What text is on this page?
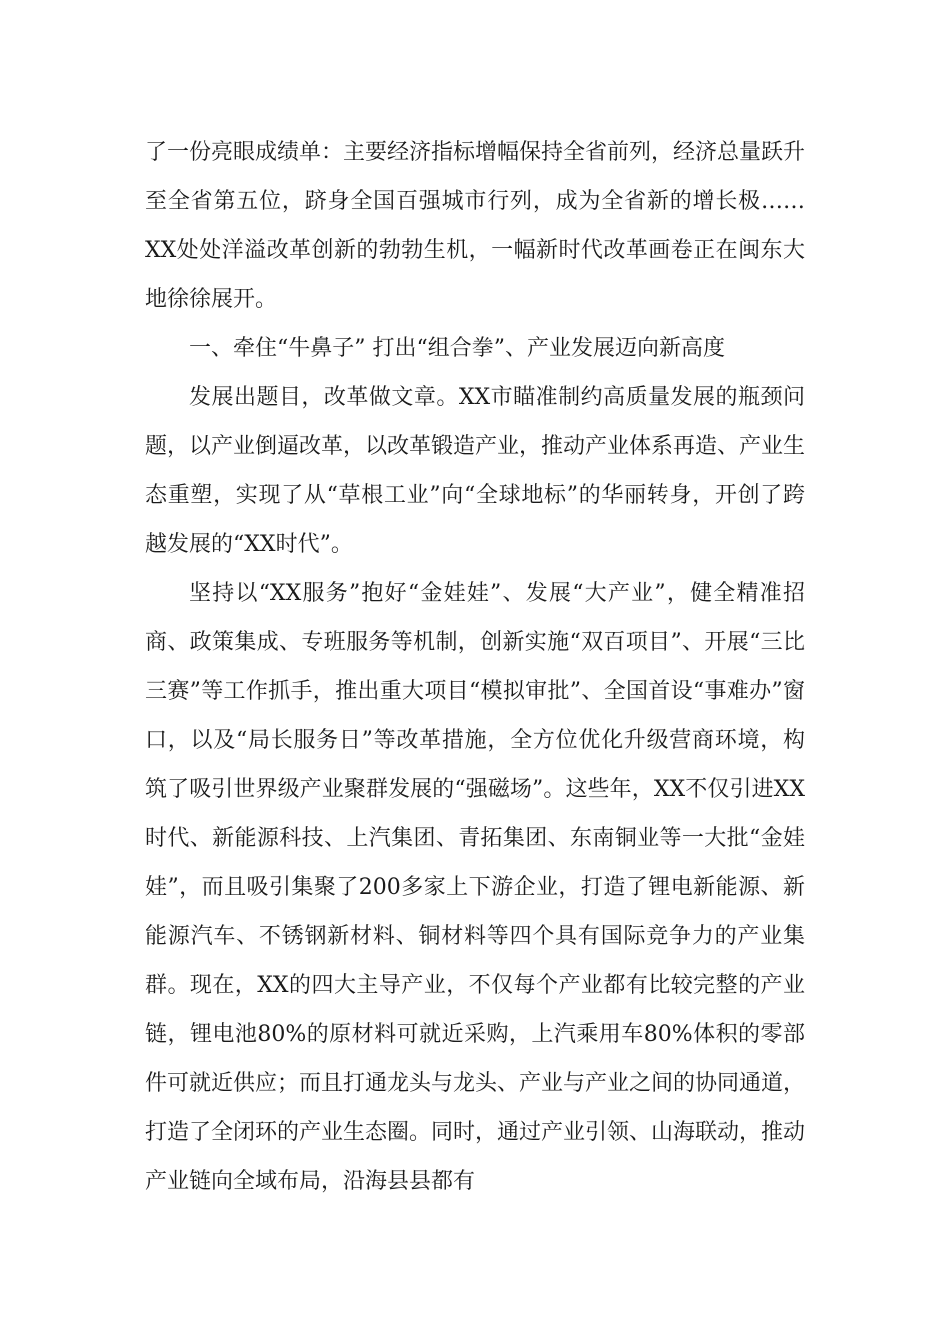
了一份亮眼成绩单：主要经济指标增幅保持全省前列，经济总量跃升至全省第五位，跻身全国百强城市行列，成为全省新的增长极……XX处处洋溢改革创新的勃勃生机，一幅新时代改革画卷正在闽东大地徐徐展开。

一、牵住“牛鼻子” 打出“组合拳”、产业发展迈向新高度

发展出题目，改革做文章。XX市瞄准制约高质量发展的瓶颈问题，以产业倒逼改革，以改革锻造产业，推动产业体系再造、产业生态重塑，实现了从“草根工业”向“全球地标”的华丽转身，开创了跨越发展的“XX时代”。

坚持以“XX服务”抱好“金娃娃”、发展“大产业”，健全精准招商、政策集成、专班服务等机制，创新实施“双百项目”、开展“三比三赛”等工作抓手，推出重大项目“模拟审批”、全国首设“事难办”窗口，以及“局长服务日”等改革措施，全方位优化升级营商环境，构筑了吸引世界级产业聚群发展的“强磁场”。这些年，XX不仅引进XX时代、新能源科技、上汽集团、青拓集团、东南铜业等一大批“金娃娃”，而且吸引集聚了200多家上下游企业，打造了锂电新能源、新能源汽车、不锈钢新材料、铜材料等四个具有国际竞争力的产业集群。现在，XX的四大主导产业，不仅每个产业都有比较完整的产业链，锂电池80%的原材料可就近采购，上汽乘用车80%体积的零部件可就近供应；而且打通龙头与龙头、产业与产业之间的协同通道，打造了全闭环的产业生态圈。同时，通过产业引领、山海联动，推动产业链向全域布局，沿海县县都有
